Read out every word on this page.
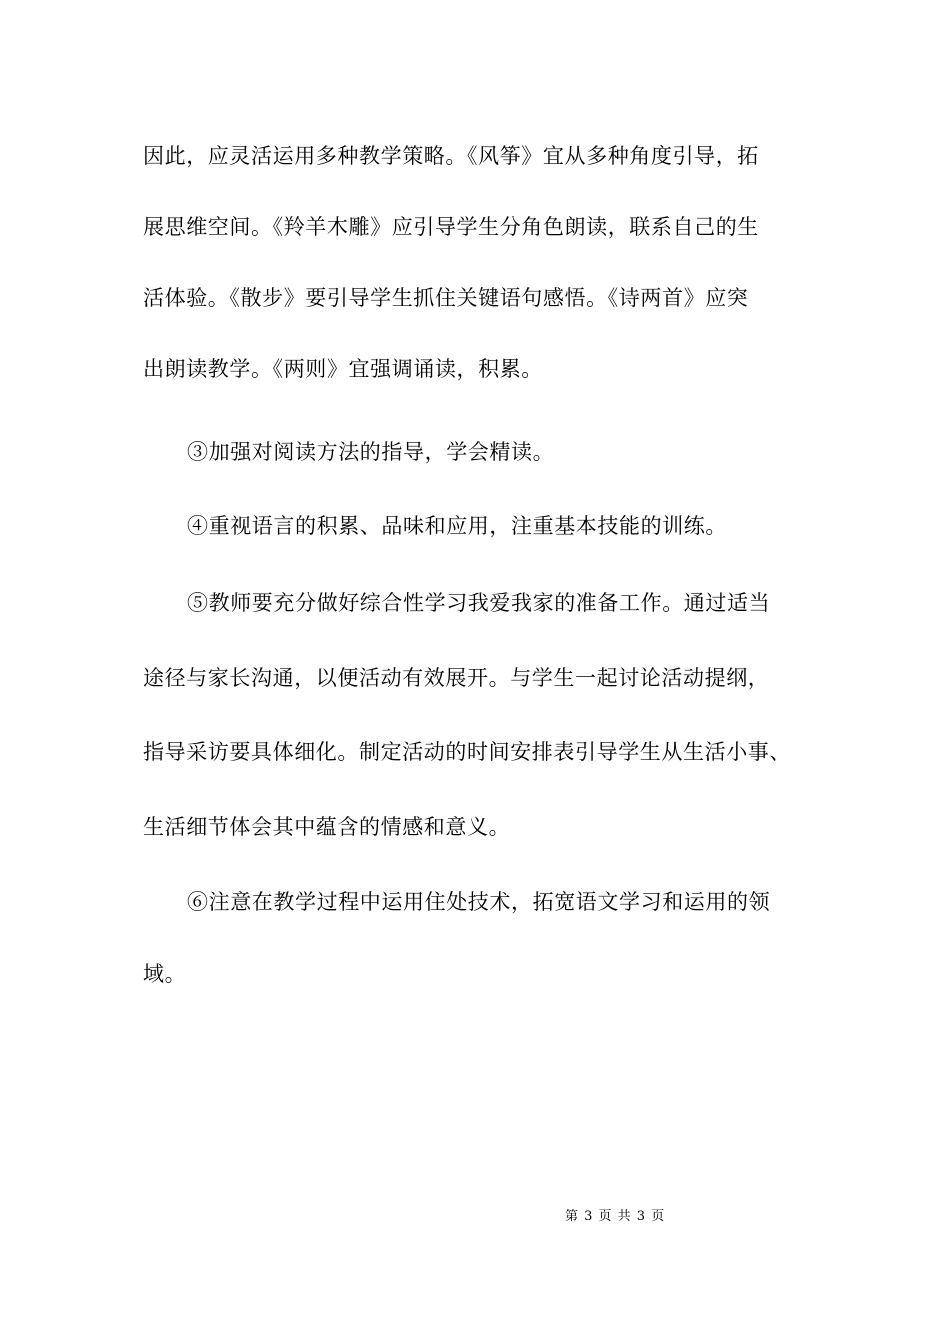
因此，应灵活运用多种教学策略。《风筝》宜从多种角度引导，拓
展思维空间。《羚羊木雕》应引导学生分角色朗读，联系自己的生
活体验。《散步》要引导学生抓住关键语句感悟。《诗两首》应突
出朗读教学。《两则》宜强调诵读，积累。
③加强对阅读方法的指导，学会精读。
④重视语言的积累、品味和应用，注重基本技能的训练。
⑤教师要充分做好综合性学习我爱我家的准备工作。通过适当
途径与家长沟通，以便活动有效展开。与学生一起讨论活动提纲，
指导采访要具体细化。制定活动的时间安排表引导学生从生活小事、
生活细节体会其中蕴含的情感和意义。
⑥注意在教学过程中运用住处技术，拓宽语文学习和运用的领
域。
第 3 页 共 3 页
